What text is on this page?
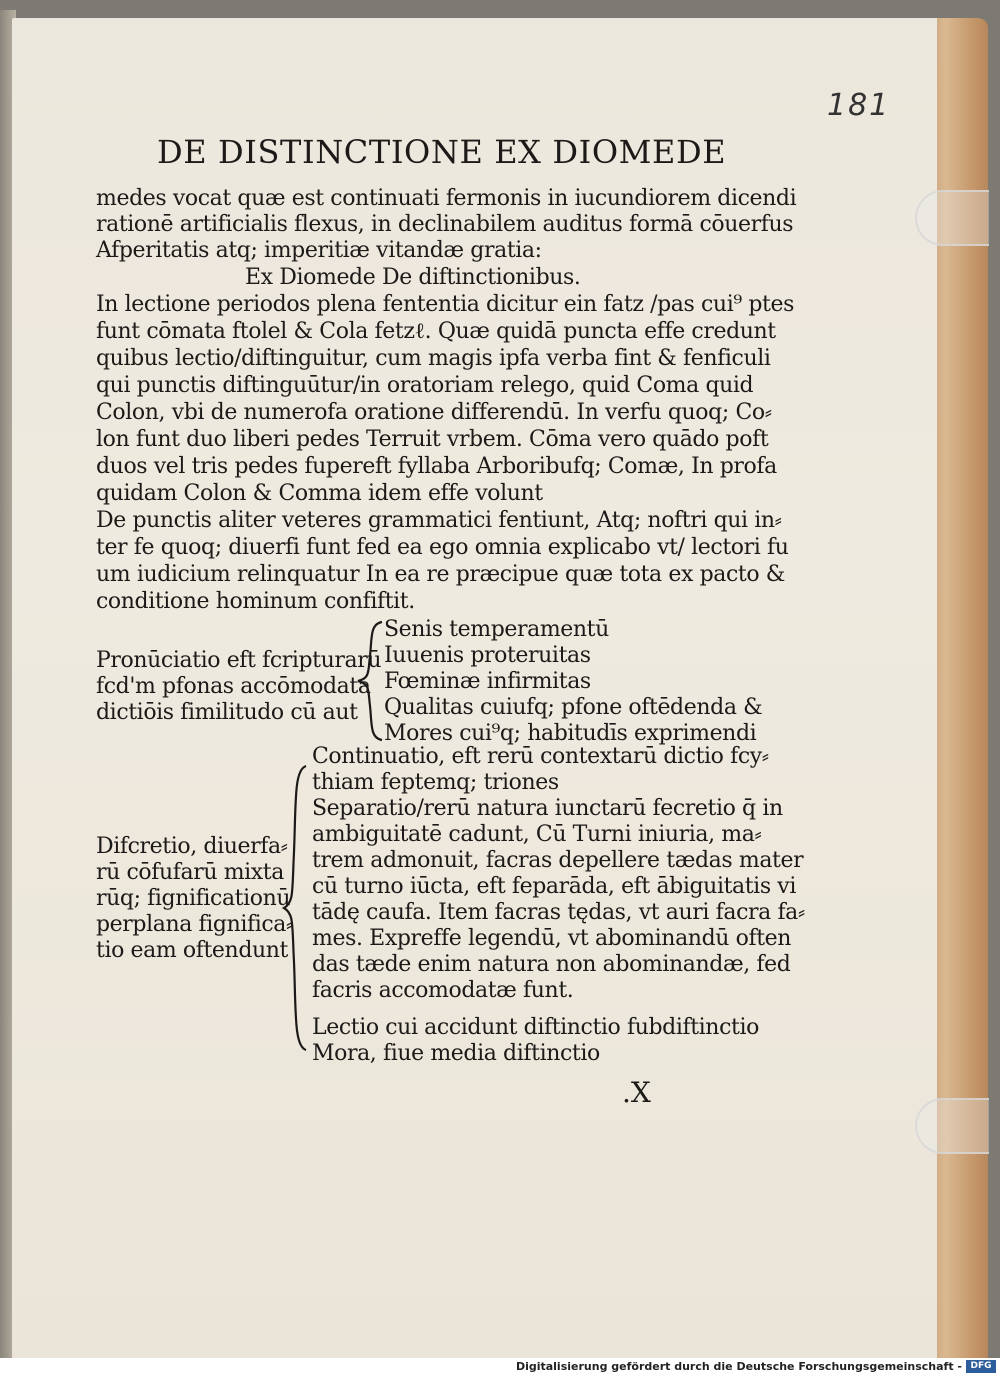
181
DE DISTINCTIONE EX DIOMEDE
medes vocat quæ est continuati fermonis in iucundiorem dicendi
rationē artificialis flexus, in declinabilem auditus formā cōuerfus
Afperitatis atq; imperitiæ vitandæ gratia:
Ex Diomede De diftinctionibus.
In lectione periodos plena fententia dicitur ein fatz /pas cui⁹ ptes
funt cōmata ftolel & Cola fetzℓ. Quæ quidā puncta effe credunt
quibus lectio/diftinguitur, cum magis ipfa verba fint & fenficuli
qui punctis diftinguūtur/in oratoriam relego, quid Coma quid
Colon, vbi de numerofa oratione differendū. In verfu quoq; Co⸗
lon funt duo liberi pedes Terruit vrbem. Cōma vero quādo poft
duos vel tris pedes fupereft fyllaba Arboribufq; Comæ, In profa
quidam Colon & Comma idem effe volunt
De punctis aliter veteres grammatici fentiunt, Atq; noftri qui in⸗
ter fe quoq; diuerfi funt fed ea ego omnia explicabo vt/ lectori fu
um iudicium relinquatur In ea re præcipue quæ tota ex pacto &
conditione hominum confiftit.
Pronūciatio eft fcripturarū
fcd'm pfonas accōmodata
dictiōis fimilitudo cū aut
Senis temperamentū
Iuuenis proteruitas
Fœminæ infirmitas
Qualitas cuiufq; pfone oftēdenda &
Mores cui⁹q; habitudīs exprimendi
Difcretio, diuerfa⸗
rū cōfufarū mixta
rūq; fignificationū
perplana fignifica⸗
tio eam oftendunt
Continuatio, eft rerū contextarū dictio fcy⸗
thiam feptemq; triones
Separatio/rerū natura iunctarū fecretio q̄ in
ambiguitatē cadunt, Cū Turni iniuria, ma⸗
trem admonuit, facras depellere tædas mater
cū turno iūcta, eft feparāda, eft ābiguitatis vi
tādę caufa. Item facras tędas, vt auri facra fa⸗
mes. Expreffe legendū, vt abominandū often
das tæde enim natura non abominandæ, fed
facris accomodatæ funt.
Lectio cui accidunt diftinctio fubdiftinctio
Mora, fiue media diftinctio
.X
Digitalisierung gefördert durch die Deutsche Forschungsgemeinschaft - DFG
